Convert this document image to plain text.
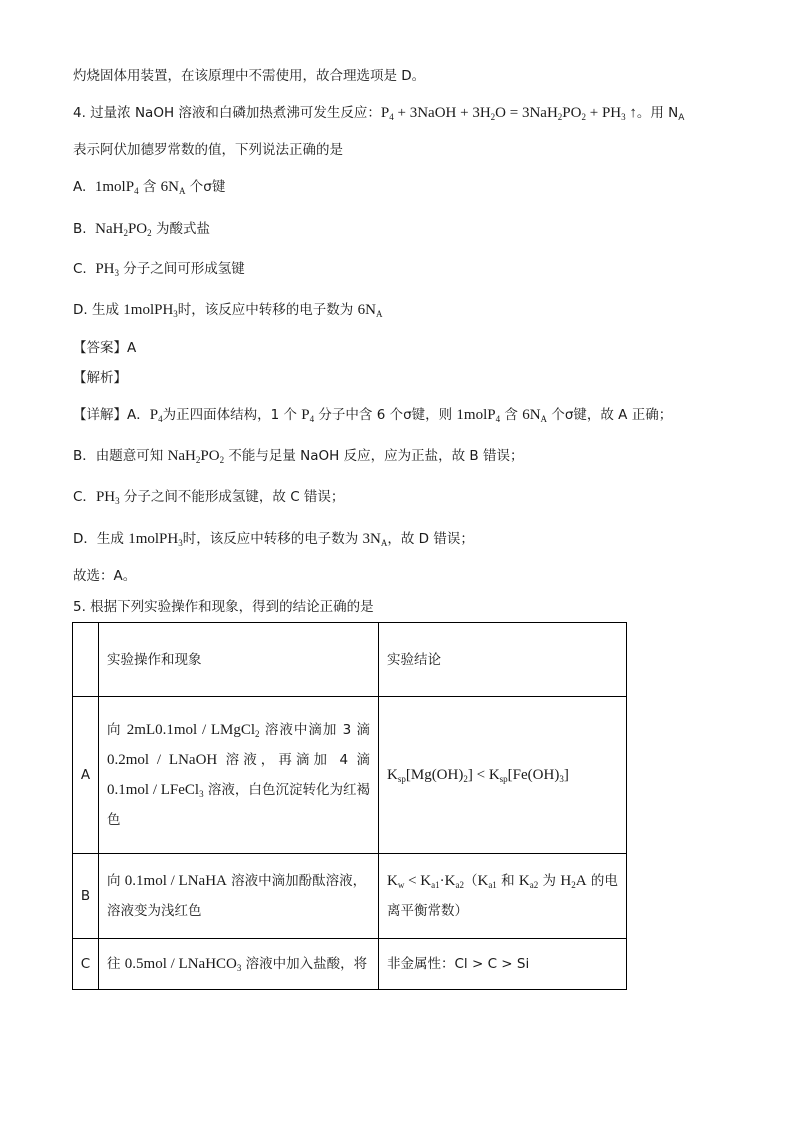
灼烧固体用装置，在该原理中不需使用，故合理选项是 D。
4. 过量浓 NaOH 溶液和白磷加热煮沸可发生反应：$P_4$ + 3NaOH + $3H_2O = 3NaH_2PO_2 + PH_3$ ↑。用 $N_A$
表示阿伏加德罗常数的值，下列说法正确的是
A.  1molP$_4$ 含 $6N_A$ 个σ键
B.  $NaH_2PO_2$ 为酸式盐
C.  $PH_3$ 分子之间可形成氢键
D. 生成 1molPH$_3$时，该反应中转移的电子数为 $6N_A$
【答案】A
【解析】
【详解】A．$P_4$为正四面体结构，1 个 $P_4$ 分子中含 6 个σ键，则 1molP$_4$ 含 $6N_A$ 个σ键，故 A 正确；
B．由题意可知 $NaH_2PO_2$ 不能与足量 NaOH 反应，应为正盐，故 B 错误；
C．$PH_3$ 分子之间不能形成氢键，故 C 错误；
D．生成 1molPH$_3$时，该反应中转移的电子数为 $3N_A$，故 D 错误；
故选：A。
5. 根据下列实验操作和现象，得到的结论正确的是
	实验操作和现象	实验结论
A	向 2mL0.1mol / LMgCl$_2$ 溶液中滴加 3 滴 0.2mol / LNaOH 溶液，再滴加 4 滴 0.1mol / LFeCl$_3$ 溶液，白色沉淀转化为红褐色	$K_{sp}[Mg(OH)_2] < K_{sp}[Fe(OH)_3]$
B	向 0.1mol / LNaHA 溶液中滴加酚酞溶液，溶液变为浅红色	$K_w < K_{a1}\cdot K_{a2}(K_{a1}$ 和 $K_{a2}$ 为 $H_2A$ 的电离平衡常数）
C	往 0.5mol / LNaHCO$_3$ 溶液中加入盐酸，将	非金属性：Cl > C > Si
